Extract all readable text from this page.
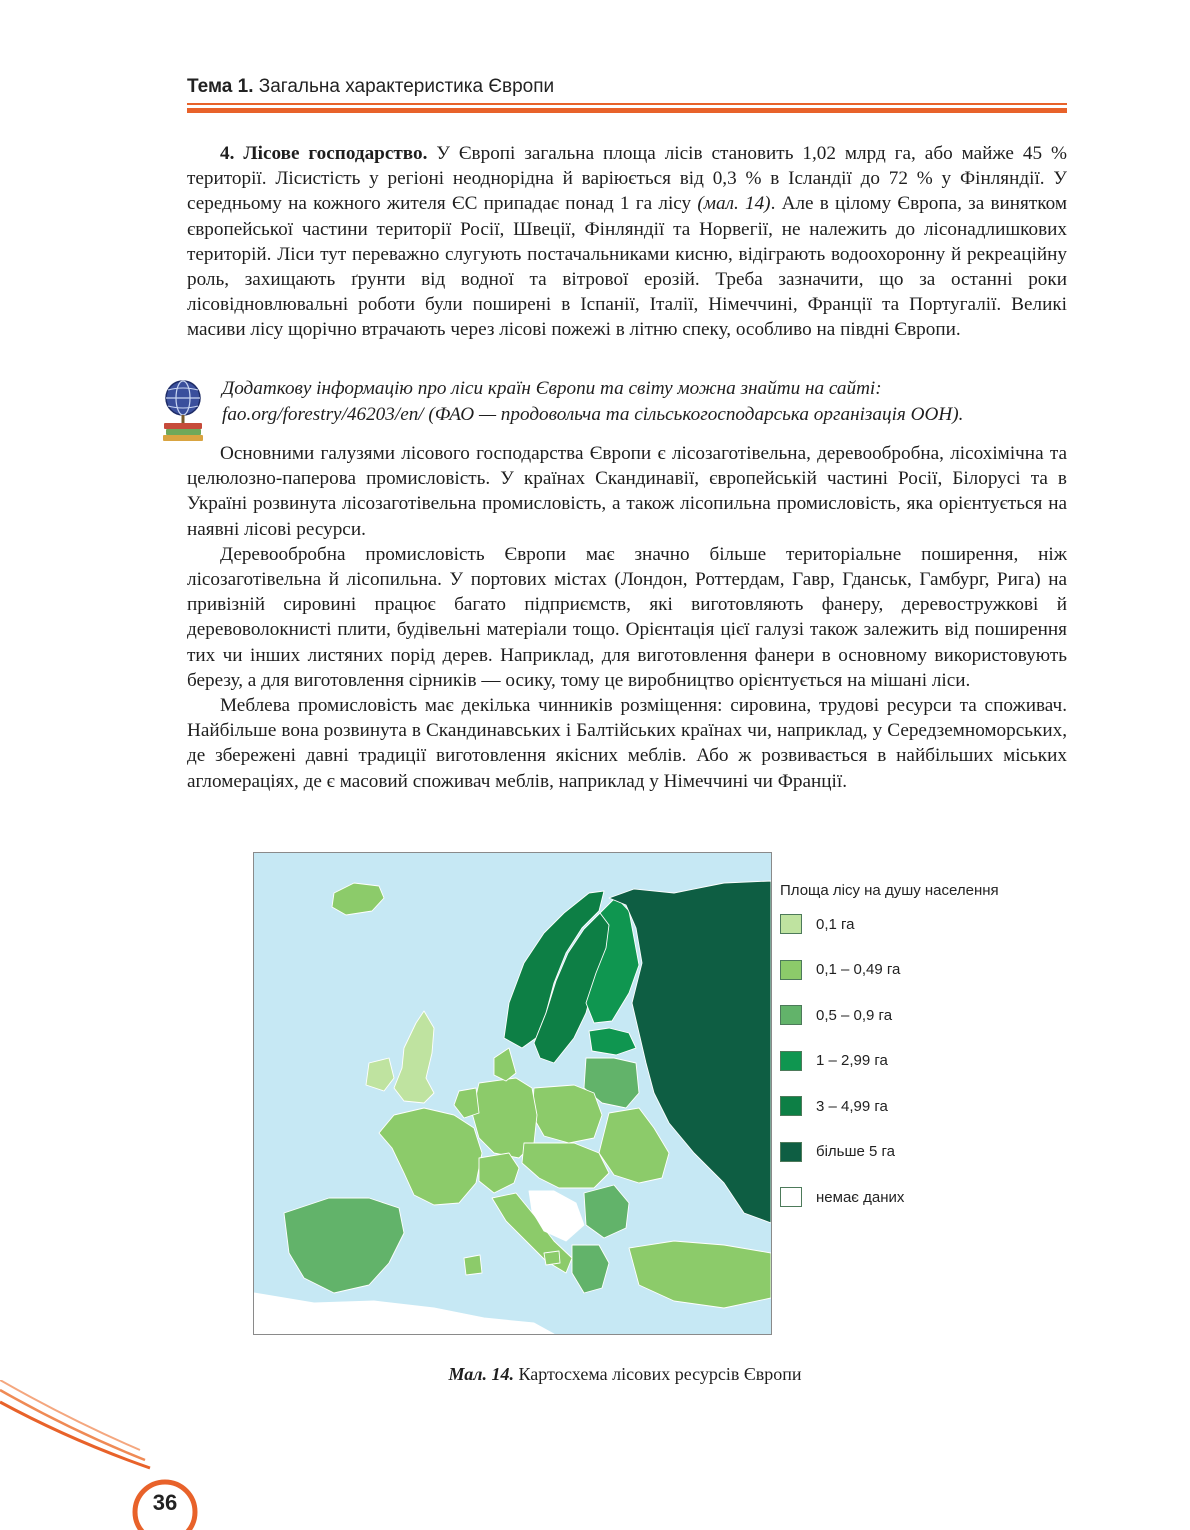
Тема 1. Загальна характеристика Європи

4. Лісове господарство. У Європі загальна площа лісів становить 1,02 млрд га, або майже 45 % території. Лісистість у регіоні неоднорідна й варіюється від 0,3 % в Ісландії до 72 % у Фінляндії. У середньому на кожного жителя ЄС припадає понад 1 га лісу (мал. 14). Але в цілому Європа, за винятком європейської частини території Росії, Швеції, Фінляндії та Норвегії, не належить до лісонадлишкових територій. Ліси тут переважно слугують постачальниками кисню, відіграють водоохоронну й рекреаційну роль, захищають ґрунти від водної та вітрової ерозій. Треба зазначити, що за останні роки лісовідновлювальні роботи були поширені в Іспанії, Італії, Німеччині, Франції та Португалії. Великі масиви лісу щорічно втрачають через лісові пожежі в літню спеку, особливо на півдні Європи.

Додаткову інформацію про ліси країн Європи та світу можна знайти на сайті: fao.org/forestry/46203/en/ (ФАО — продовольча та сільськогосподарська організація ООН).

Основними галузями лісового господарства Європи є лісозаготівельна, деревообробна, лісохімічна та целюлозно-паперова промисловість. У країнах Скандинавії, європейській частині Росії, Білорусі та в Україні розвинута лісозаготівельна промисловість, а також лісопильна промисловість, яка орієнтується на наявні лісові ресурси.

Деревообробна промисловість Європи має значно більше територіальне поширення, ніж лісозаготівельна й лісопильна. У портових містах (Лондон, Роттердам, Гавр, Гданськ, Гамбург, Рига) на привізній сировині працює багато підприємств, які виготовляють фанеру, деревостружкові й деревоволокнисті плити, будівельні матеріали тощо. Орієнтація цієї галузі також залежить від поширення тих чи інших листяних порід дерев. Наприклад, для виготовлення фанери в основному використовують березу, а для виготовлення сірників — осику, тому це виробництво орієнтується на мішані ліси.

Меблева промисловість має декілька чинників розміщення: сировина, трудові ресурси та споживач. Найбільше вона розвинута в Скандинавських і Балтійських країнах чи, наприклад, у Середземноморських, де збережені давні традиції виготовлення якісних меблів. Або ж розвивається в найбільших міських агломераціях, де є масовий споживач меблів, наприклад у Німеччині чи Франції.

Площа лісу на душу населення
0,1 га
0,1 – 0,49 га
0,5 – 0,9 га
1 – 2,99 га
3 – 4,99 га
більше 5 га
немає даних
Мал. 14. Картосхема лісових ресурсів Європи
36
